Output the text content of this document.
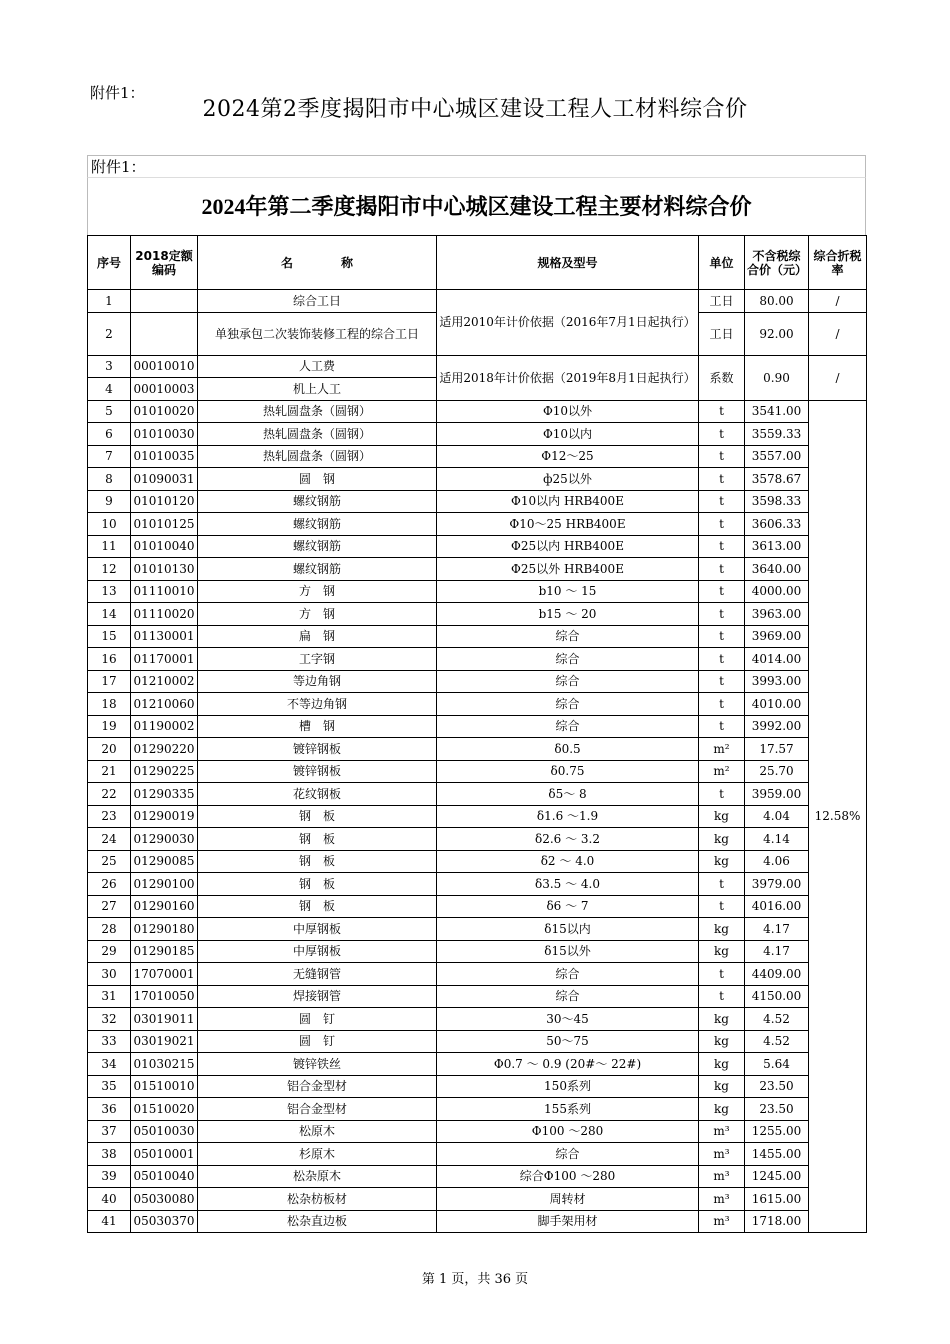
附件1：
2024第2季度揭阳市中心城区建设工程人工材料综合价
附件1：
2024年第二季度揭阳市中心城区建设工程主要材料综合价
序号	2018定额编码	名　　　　称	规格及型号	单位	不含税综合价（元）	综合折税率
1		综合工日	适用2010年计价依据（2016年7月1日起执行）	工日	80.00	/
2		单独承包二次装饰装修工程的综合工日		工日	92.00	/
3	00010010	人工费	适用2018年计价依据（2019年8月1日起执行）	系数	0.90	/
4	00010003	机上人工				
5	01010020	热轧圆盘条（圆钢）	Φ10以外	t	3541.00	12.58%
6	01010030	热轧圆盘条（圆钢）	Φ10以内	t	3559.33	
7	01010035	热轧圆盘条（圆钢）	Φ12～25	t	3557.00	
8	01090031	圆　钢	ф25以外	t	3578.67	
9	01010120	螺纹钢筋	Φ10以内 HRB400E	t	3598.33	
10	01010125	螺纹钢筋	Φ10～25 HRB400E	t	3606.33	
11	01010040	螺纹钢筋	Φ25以内 HRB400E	t	3613.00	
12	01010130	螺纹钢筋	Φ25以外 HRB400E	t	3640.00	
13	01110010	方　钢	b10 ～ 15	t	4000.00	
14	01110020	方　钢	b15 ～ 20	t	3963.00	
15	01130001	扁　钢	综合	t	3969.00	
16	01170001	工字钢	综合	t	4014.00	
17	01210002	等边角钢	综合	t	3993.00	
18	01210060	不等边角钢	综合	t	4010.00	
19	01190002	槽　钢	综合	t	3992.00	
20	01290220	镀锌钢板	δ0.5	m²	17.57	
21	01290225	镀锌钢板	δ0.75	m²	25.70	
22	01290335	花纹钢板	δ5～ 8	t	3959.00	
23	01290019	钢　板	δ1.6 ～1.9	kg	4.04	
24	01290030	钢　板	δ2.6 ～ 3.2	kg	4.14	
25	01290085	钢　板	δ2 ～ 4.0	kg	4.06	
26	01290100	钢　板	δ3.5 ～ 4.0	t	3979.00	
27	01290160	钢　板	δ6 ～ 7	t	4016.00	
28	01290180	中厚钢板	δ15以内	kg	4.17	
29	01290185	中厚钢板	δ15以外	kg	4.17	
30	17070001	无缝钢管	综合	t	4409.00	
31	17010050	焊接钢管	综合	t	4150.00	
32	03019011	圆　钉	30～45	kg	4.52	
33	03019021	圆　钉	50～75	kg	4.52	
34	01030215	镀锌铁丝	Φ0.7 ～ 0.9 (20#～ 22#)	kg	5.64	
35	01510010	铝合金型材	150系列	kg	23.50	
36	01510020	铝合金型材	155系列	kg	23.50	
37	05010030	松原木	Φ100 ～280	m³	1255.00	
38	05010001	杉原木	综合	m³	1455.00	
39	05010040	松杂原木	综合Φ100 ～280	m³	1245.00	
40	05030080	松杂枋板材	周转材	m³	1615.00	
41	05030370	松杂直边板	脚手架用材	m³	1718.00	
第 1 页，共 36 页
